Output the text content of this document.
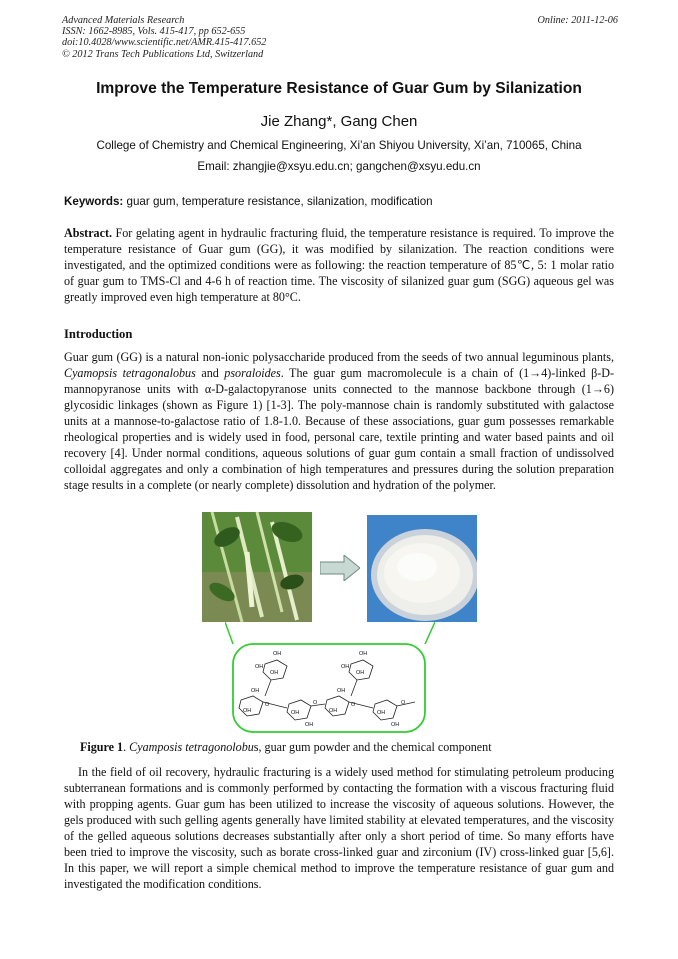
Advanced Materials Research
ISSN: 1662-8985, Vols. 415-417, pp 652-655
doi:10.4028/www.scientific.net/AMR.415-417.652
© 2012 Trans Tech Publications Ltd, Switzerland
Online: 2011-12-06
Improve the Temperature Resistance of Guar Gum by Silanization
Jie Zhang*, Gang Chen
College of Chemistry and Chemical Engineering, Xi’an Shiyou University, Xi’an, 710065, China
Email: zhangjie@xsyu.edu.cn; gangchen@xsyu.edu.cn
Keywords: guar gum, temperature resistance, silanization, modification
Abstract. For gelating agent in hydraulic fracturing fluid, the temperature resistance is required. To improve the temperature resistance of Guar gum (GG), it was modified by silanization. The reaction conditions were investigated, and the optimized conditions were as following: the reaction temperature of 85℃, 5: 1 molar ratio of guar gum to TMS-Cl and 4-6 h of reaction time. The viscosity of silanized guar gum (SGG) aqueous gel was greatly improved even high temperature at 80°C.
Introduction
Guar gum (GG) is a natural non-ionic polysaccharide produced from the seeds of two annual leguminous plants, Cyamopsis tetragonalobus and psoraloides. The guar gum macromolecule is a chain of (1→4)-linked β-D-mannopyranose units with α-D-galactopyranose units connected to the mannose backbone through (1→6) glycosidic linkages (shown as Figure 1) [1-3]. The poly-mannose chain is randomly substituted with galactose units at a mannose-to-galactose ratio of 1.8-1.0. Because of these associations, guar gum possesses remarkable rheological properties and is widely used in food, personal care, textile printing and water based paints and oil recovery [4]. Under normal conditions, aqueous solutions of guar gum contain a small fraction of undissolved colloidal aggregates and only a combination of high temperatures and pressures during the solution preparation stage results in a complete (or nearly complete) dissolution and hydration of the polymer.
OH
OH
OH
OH
OH
OH
OH	OH
OH	OH	OH	OH
OH	OH
O	O	O	O
Figure 1. Cyamposis tetragonolobus, guar gum powder and the chemical component
In the field of oil recovery, hydraulic fracturing is a widely used method for stimulating petroleum producing subterranean formations and is commonly performed by contacting the formation with a viscous fracturing fluid with propping agents. Guar gum has been utilized to increase the viscosity of aqueous solutions. However, the gels produced with such gelling agents generally have limited stability at elevated temperatures, and the viscosity of the gelled aqueous solutions decreases substantially after only a short period of time. So many efforts have been tried to improve the viscosity, such as borate cross-linked guar and zirconium (IV) cross-linked guar [5,6]. In this paper, we will report a simple chemical method to improve the temperature resistance of guar gum and investigated the modification conditions.
